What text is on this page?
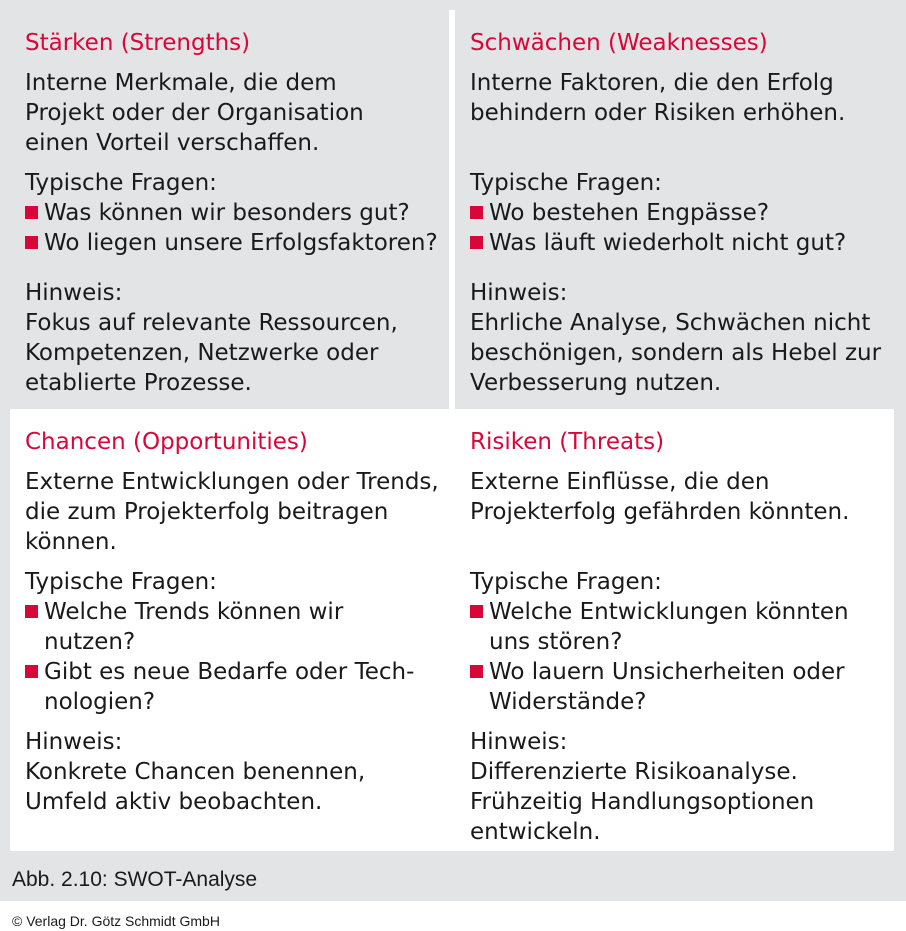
Stärken (Strengths)

Interne Merkmale, die dem
Projekt oder der Organisation
einen Vorteil verschaffen.

Typische Fragen:
Was können wir besonders gut?
Wo liegen unsere Erfolgsfaktoren?
Hinweis:

Fokus auf relevante Ressourcen,
Kompetenzen, Netzwerke oder
etablierte Prozesse.

Schwächen (Weaknesses)

Interne Faktoren, die den Erfolg
behindern oder Risiken erhöhen.

Typische Fragen:
Wo bestehen Engpässe?
Was läuft wiederholt nicht gut?
Hinweis:

Ehrliche Analyse, Schwächen nicht
beschönigen, sondern als Hebel zur
Verbesserung nutzen.

Chancen (Opportunities)

Externe Entwicklungen oder Trends,
die zum Projekterfolg beitragen
können.

Typische Fragen:
Welche Trends können wir
nutzen?
Gibt es neue Bedarfe oder Tech-
nologien?
Hinweis:

Konkrete Chancen benennen,
Umfeld aktiv beobachten.

Risiken (Threats)

Externe Einflüsse, die den
Projekterfolg gefährden könnten.

Typische Fragen:
Welche Entwicklungen könnten
uns stören?
Wo lauern Unsicherheiten oder
Widerstände?
Hinweis:

Differenzierte Risikoanalyse.
Frühzeitig Handlungsoptionen
entwickeln.

Abb. 2.10: SWOT-Analyse
© Verlag Dr. Götz Schmidt GmbH
